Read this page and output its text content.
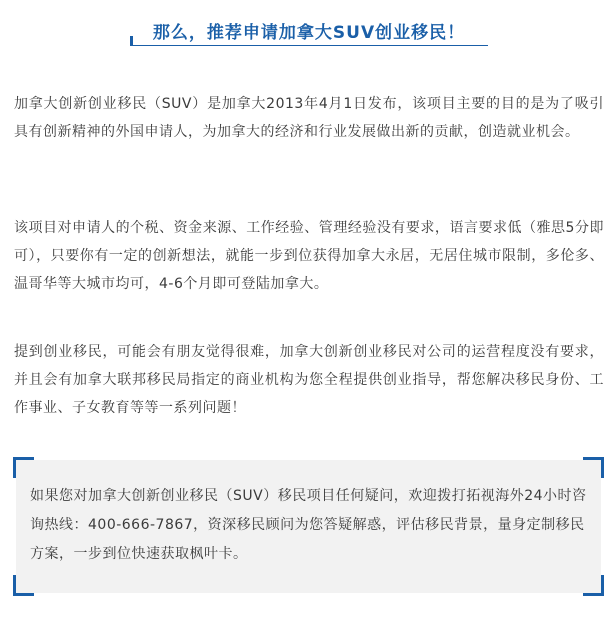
那么，推荐申请加拿大SUV创业移民！

加拿大创新创业移民（SUV）是加拿大2013年4月1日发布，该项目主要的目的是为了吸引具有创新精神的外国申请人，为加拿大的经济和行业发展做出新的贡献，创造就业机会。

该项目对申请人的个税、资金来源、工作经验、管理经验没有要求，语言要求低（雅思5分即可），只要你有一定的创新想法，就能一步到位获得加拿大永居，无居住城市限制，多伦多、温哥华等大城市均可，4-6个月即可登陆加拿大。

提到创业移民，可能会有朋友觉得很难，加拿大创新创业移民对公司的运营程度没有要求，并且会有加拿大联邦移民局指定的商业机构为您全程提供创业指导，帮您解决移民身份、工作事业、子女教育等等一系列问题！

如果您对加拿大创新创业移民（SUV）移民项目任何疑问，欢迎拨打拓视海外24小时咨询热线：400-666-7867，资深移民顾问为您答疑解惑，评估移民背景，量身定制移民方案，一步到位快速获取枫叶卡。
